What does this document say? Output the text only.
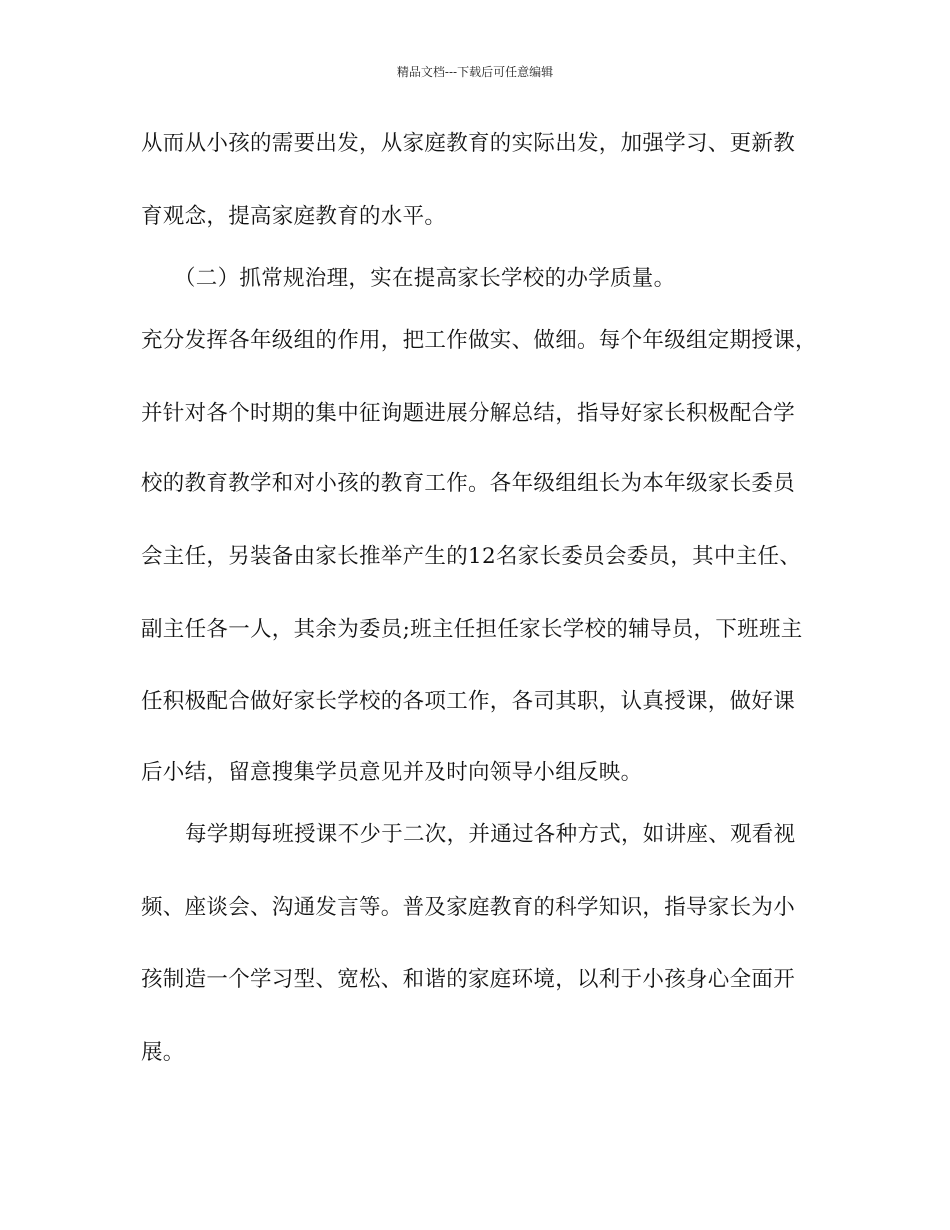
精品文档---下载后可任意编辑
从而从小孩的需要出发，从家庭教育的实际出发，加强学习、更新教
育观念，提高家庭教育的水平。
（二）抓常规治理，实在提高家长学校的办学质量。
充分发挥各年级组的作用，把工作做实、做细。每个年级组定期授课，
并针对各个时期的集中征询题进展分解总结，指导好家长积极配合学
校的教育教学和对小孩的教育工作。各年级组组长为本年级家长委员
会主任，另装备由家长推举产生的12名家长委员会委员，其中主任、
副主任各一人，其余为委员;班主任担任家长学校的辅导员，下班班主
任积极配合做好家长学校的各项工作，各司其职，认真授课，做好课
后小结，留意搜集学员意见并及时向领导小组反映。
每学期每班授课不少于二次，并通过各种方式，如讲座、观看视
频、座谈会、沟通发言等。普及家庭教育的科学知识，指导家长为小
孩制造一个学习型、宽松、和谐的家庭环境，以利于小孩身心全面开
展。
